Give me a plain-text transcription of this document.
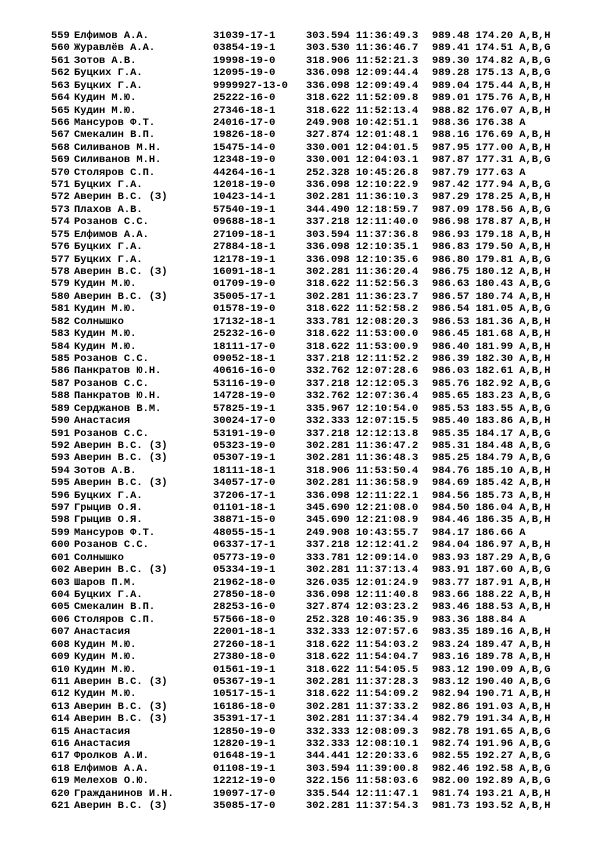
559 Елфимов А.А.	31039-17-1	303.594 11:36:49.3 989.48 174.20 А,В,Н
560 Журавлёв А.А.	03854-19-1	303.530 11:36:46.7 989.41 174.51 А,В,G
561 Зотов А.В.	19998-19-0	318.906 11:52:21.3 989.30 174.82 А,В,G
562 Буцких Г.А.	12095-19-0	336.098 12:09:44.4 989.28 175.13 А,В,G
563 Буцких Г.А.	9999927-13-0 336.098 12:09:49.4 989.04 175.44 А,В,Н
564 Кудин М.Ю.	25222-16-0	318.622 11:52:09.8 989.01 175.76 А,В,Н
565 Кудин М.Ю.	27346-18-1	318.622 11:52:13.4 988.82 176.07 А,В,Н
566 Мансуров Ф.Т.	24016-17-0	249.908 10:42:51.1 988.36 176.38 А
567 Смекалин В.П.	19826-18-0	327.874 12:01:48.1 988.16 176.69 А,В,Н
568 Силиванов М.Н.	15475-14-0	330.001 12:04:01.5 987.95 177.00 А,В,Н
569 Силиванов М.Н.	12348-19-0	330.001 12:04:03.1 987.87 177.31 А,В,G
570 Столяров С.П.	44264-16-1	252.328 10:45:26.8 987.79 177.63 А
571 Буцких Г.А.	12018-19-0	336.098 12:10:22.9 987.42 177.94 А,В,G
572 Аверин В.С. (З)	10423-14-1	302.281 11:36:10.3 987.29 178.25 А,В,Н
573 Плахов А.В.	57540-19-1	344.490 12:18:59.7 987.09 178.56 А,В,G
574 Розанов С.С.	09688-18-1	337.218 12:11:40.0 986.98 178.87 А,В,Н
575 Елфимов А.А.	27109-18-1	303.594 11:37:36.8 986.93 179.18 А,В,Н
576 Буцких Г.А.	27884-18-1	336.098 12:10:35.1 986.83 179.50 А,В,Н
577 Буцких Г.А.	12178-19-1	336.098 12:10:35.6 986.80 179.81 А,В,G
578 Аверин В.С. (З)	16091-18-1	302.281 11:36:20.4 986.75 180.12 А,В,Н
579 Кудин М.Ю.	01709-19-0	318.622 11:52:56.3 986.63 180.43 А,В,G
580 Аверин В.С. (З)	35005-17-1	302.281 11:36:23.7 986.57 180.74 А,В,Н
581 Кудин М.Ю.	01578-19-0	318.622 11:52:58.2 986.54 181.05 А,В,G
582 Солнышко	17132-18-1	333.781 12:08:20.3 986.53 181.36 А,В,Н
583 Кудин М.Ю.	25232-16-0	318.622 11:53:00.0 986.45 181.68 А,В,Н
584 Кудин М.Ю.	18111-17-0	318.622 11:53:00.9 986.40 181.99 А,В,Н
585 Розанов С.С.	09052-18-1	337.218 12:11:52.2 986.39 182.30 А,В,Н
586 Панкратов Ю.Н.	40616-16-0	332.762 12:07:28.6 986.03 182.61 А,В,Н
587 Розанов С.С.	53116-19-0	337.218 12:12:05.3 985.76 182.92 А,В,G
588 Панкратов Ю.Н.	14728-19-0	332.762 12:07:36.4 985.65 183.23 А,В,G
589 Серджанов В.М.	57825-19-1	335.967 12:10:54.0 985.53 183.55 А,В,G
590 Анастасия	30024-17-0	332.333 12:07:15.5 985.40 183.86 А,В,Н
591 Розанов С.С.	53191-19-0	337.218 12:12:13.8 985.35 184.17 А,В,G
592 Аверин В.С. (З)	05323-19-0	302.281 11:36:47.2 985.31 184.48 А,В,G
593 Аверин В.С. (З)	05307-19-1	302.281 11:36:48.3 985.25 184.79 А,В,G
594 Зотов А.В.	18111-18-1	318.906 11:53:50.4 984.76 185.10 А,В,Н
595 Аверин В.С. (З)	34057-17-0	302.281 11:36:58.9 984.69 185.42 А,В,Н
596 Буцких Г.А.	37206-17-1	336.098 12:11:22.1 984.56 185.73 А,В,Н
597 Грыцив О.Я.	01101-18-1	345.690 12:21:08.0 984.50 186.04 А,В,Н
598 Грыцив О.Я.	38871-15-0	345.690 12:21:08.9 984.46 186.35 А,В,Н
599 Мансуров Ф.Т.	48055-15-1	249.908 10:43:55.7 984.17 186.66 А
600 Розанов С.С.	06337-17-1	337.218 12:12:41.2 984.04 186.97 А,В,Н
601 Солнышко	05773-19-0	333.781 12:09:14.0 983.93 187.29 А,В,G
602 Аверин В.С. (З)	05334-19-1	302.281 11:37:13.4 983.91 187.60 А,В,G
603 Шаров П.М.	21962-18-0	326.035 12:01:24.9 983.77 187.91 А,В,Н
604 Буцких Г.А.	27850-18-0	336.098 12:11:40.8 983.66 188.22 А,В,Н
605 Смекалин В.П.	28253-16-0	327.874 12:03:23.2 983.46 188.53 А,В,Н
606 Столяров С.П.	57566-18-0	252.328 10:46:35.9 983.36 188.84 А
607 Анастасия	22001-18-1	332.333 12:07:57.6 983.35 189.16 А,В,Н
608 Кудин М.Ю.	27260-18-1	318.622 11:54:03.2 983.24 189.47 А,В,Н
609 Кудин М.Ю.	27380-18-0	318.622 11:54:04.7 983.16 189.78 А,В,Н
610 Кудин М.Ю.	01561-19-1	318.622 11:54:05.5 983.12 190.09 А,В,G
611 Аверин В.С. (З)	05367-19-1	302.281 11:37:28.3 983.12 190.40 А,В,G
612 Кудин М.Ю.	10517-15-1	318.622 11:54:09.2 982.94 190.71 А,В,Н
613 Аверин В.С. (З)	16186-18-0	302.281 11:37:33.2 982.86 191.03 А,В,Н
614 Аверин В.С. (З)	35391-17-1	302.281 11:37:34.4 982.79 191.34 А,В,Н
615 Анастасия	12850-19-0	332.333 12:08:09.3 982.78 191.65 А,В,G
616 Анастасия	12820-19-1	332.333 12:08:10.1 982.74 191.96 А,В,G
617 Фролков А.И.	01648-19-1	344.441 12:20:33.6 982.55 192.27 А,В,G
618 Елфимов А.А.	01108-19-1	303.594 11:39:00.8 982.46 192.58 А,В,G
619 Мелехов О.Ю.	12212-19-0	322.156 11:58:03.6 982.00 192.89 А,В,G
620 Гражданинов И.Н.	19097-17-0	335.544 12:11:47.1 981.74 193.21 А,В,Н
621 Аверин В.С. (З)	35085-17-0	302.281 11:37:54.3 981.73 193.52 А,В,Н
